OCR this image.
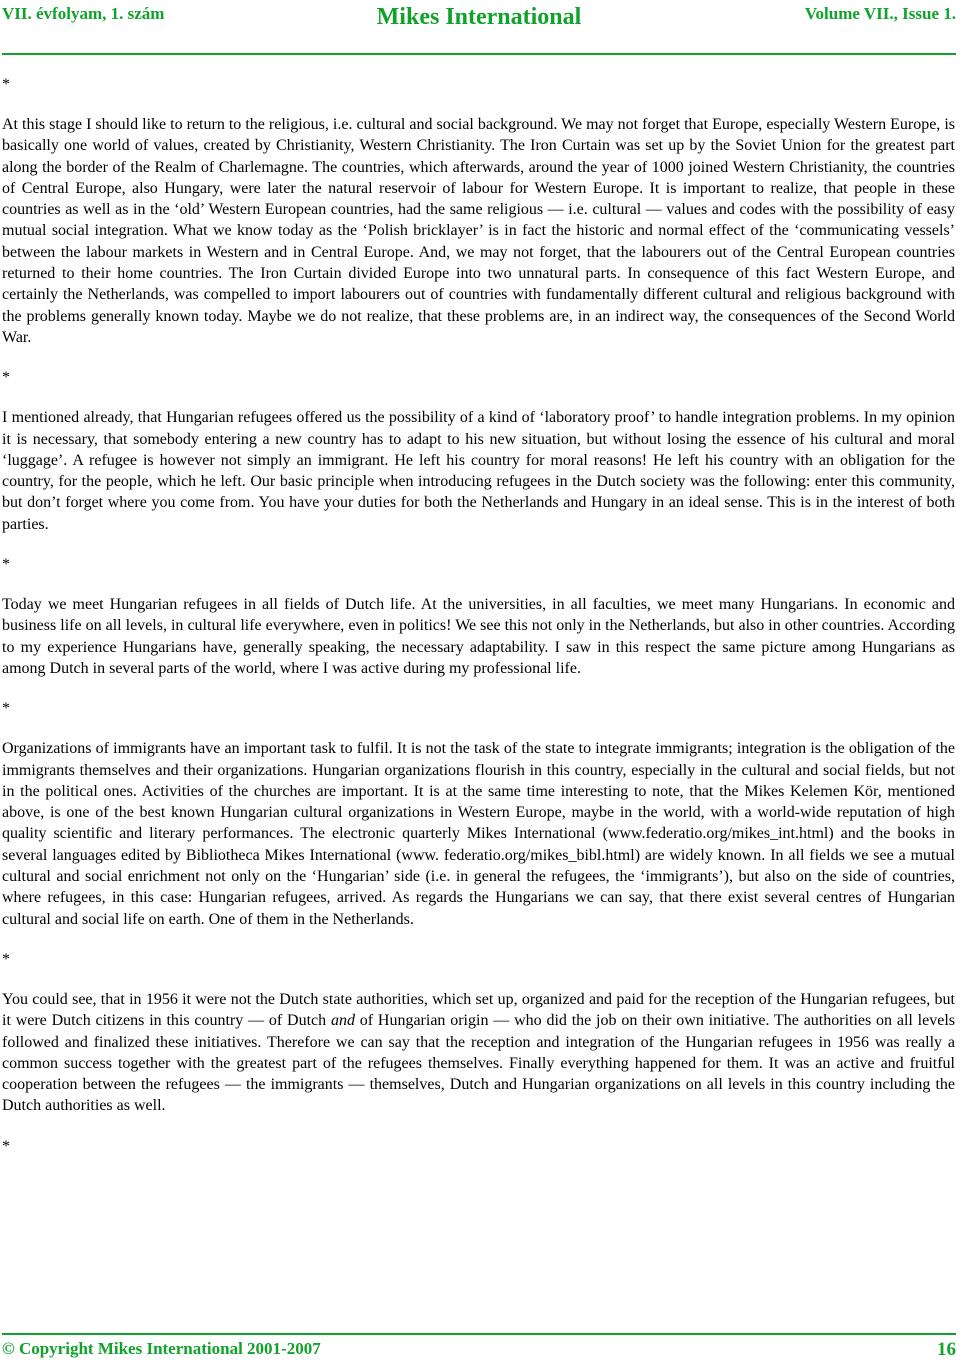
VII. évfolyam, 1. szám	Mikes International	Volume VII., Issue 1.

*

At this stage I should like to return to the religious, i.e. cultural and social background. We may not forget that Europe, especially Western Europe, is basically one world of values, created by Christianity, Western Christianity. The Iron Curtain was set up by the Soviet Union for the greatest part along the border of the Realm of Charlemagne. The countries, which afterwards, around the year of 1000 joined Western Christianity, the countries of Central Europe, also Hungary, were later the natural reservoir of labour for Western Europe. It is important to realize, that people in these countries as well as in the ‘old’ Western European countries, had the same religious — i.e. cultural — values and codes with the possibility of easy mutual social integration. What we know today as the ‘Polish bricklayer’ is in fact the historic and normal effect of the ‘communicating vessels’ between the labour markets in Western and in Central Europe. And, we may not forget, that the labourers out of the Central European countries returned to their home countries. The Iron Curtain divided Europe into two unnatural parts. In consequence of this fact Western Europe, and certainly the Netherlands, was compelled to import labourers out of countries with fundamentally different cultural and religious background with the problems generally known today. Maybe we do not realize, that these problems are, in an indirect way, the consequences of the Second World War.

*

I mentioned already, that Hungarian refugees offered us the possibility of a kind of ‘laboratory proof’ to handle integration problems. In my opinion it is necessary, that somebody entering a new country has to adapt to his new situation, but without losing the essence of his cultural and moral ‘luggage’. A refugee is however not simply an immigrant. He left his country for moral reasons! He left his country with an obligation for the country, for the people, which he left. Our basic principle when introducing refugees in the Dutch society was the following: enter this community, but don’t forget where you come from. You have your duties for both the Netherlands and Hungary in an ideal sense. This is in the interest of both parties.

*

Today we meet Hungarian refugees in all fields of Dutch life. At the universities, in all faculties, we meet many Hungarians. In economic and business life on all levels, in cultural life everywhere, even in politics! We see this not only in the Netherlands, but also in other countries. According to my experience Hungarians have, generally speaking, the necessary adaptability. I saw in this respect the same picture among Hungarians as among Dutch in several parts of the world, where I was active during my professional life.

*

Organizations of immigrants have an important task to fulfil. It is not the task of the state to integrate immigrants; integration is the obligation of the immigrants themselves and their organizations. Hungarian organizations flourish in this country, especially in the cultural and social fields, but not in the political ones. Activities of the churches are important. It is at the same time interesting to note, that the Mikes Kelemen Kör, mentioned above, is one of the best known Hungarian cultural organizations in Western Europe, maybe in the world, with a world-wide reputation of high quality scientific and literary performances. The electronic quarterly Mikes International (www.federatio.org/mikes_int.html) and the books in several languages edited by Bibliotheca Mikes International (www. federatio.org/mikes_bibl.html) are widely known. In all fields we see a mutual cultural and social enrichment not only on the ‘Hungarian’ side (i.e. in general the refugees, the ‘immigrants’), but also on the side of countries, where refugees, in this case: Hungarian refugees, arrived. As regards the Hungarians we can say, that there exist several centres of Hungarian cultural and social life on earth. One of them in the Netherlands.

*

You could see, that in 1956 it were not the Dutch state authorities, which set up, organized and paid for the reception of the Hungarian refugees, but it were Dutch citizens in this country — of Dutch and of Hungarian origin — who did the job on their own initiative. The authorities on all levels followed and finalized these initiatives. Therefore we can say that the reception and integration of the Hungarian refugees in 1956 was really a common success together with the greatest part of the refugees themselves. Finally everything happened for them. It was an active and fruitful cooperation between the refugees — the immigrants — themselves, Dutch and Hungarian organizations on all levels in this country including the Dutch authorities as well.

*

© Copyright Mikes International 2001-2007	16
